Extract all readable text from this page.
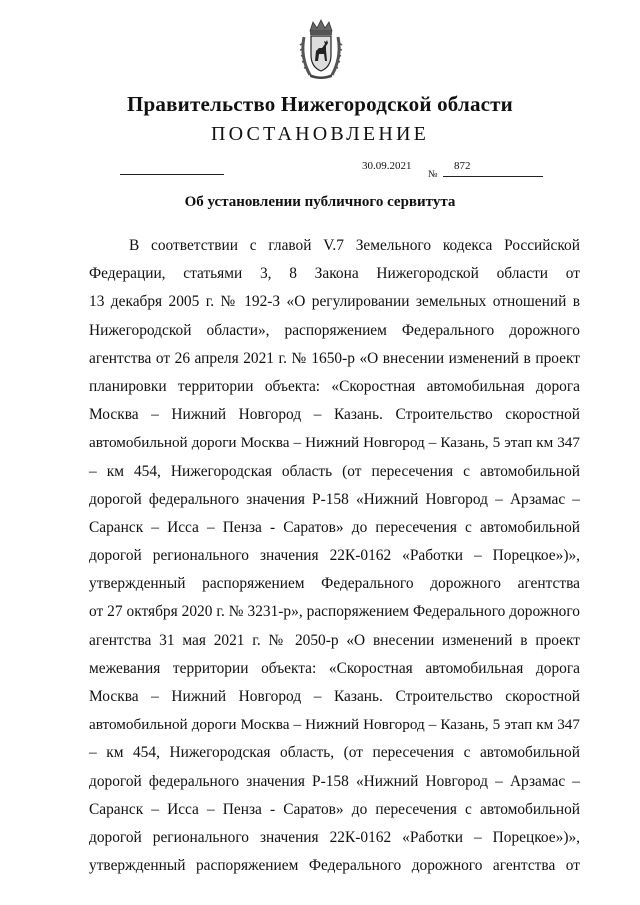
Правительство Нижегородской области
ПОСТАНОВЛЕНИЕ
30.09.2021
№
872
Об установлении публичного сервитута
В соответствии с главой V.7 Земельного кодекса Российской
Федерации, статьями 3, 8 Закона Нижегородской области от
13 декабря 2005 г. № 192-З «О регулировании земельных отношений в
Нижегородской области», распоряжением Федерального дорожного
агентства от 26 апреля 2021 г. № 1650-р «О внесении изменений в проект
планировки территории объекта: «Скоростная автомобильная дорога
Москва – Нижний Новгород – Казань. Строительство скоростной
автомобильной дороги Москва – Нижний Новгород – Казань, 5 этап км 347
– км 454, Нижегородская область (от пересечения с автомобильной
дорогой федерального значения Р-158 «Нижний Новгород – Арзамас –
Саранск – Исса – Пенза - Саратов» до пересечения с автомобильной
дорогой регионального значения 22К-0162 «Работки – Порецкое»)»,
утвержденный распоряжением Федерального дорожного агентства
от 27 октября 2020 г. № 3231-р», распоряжением Федерального дорожного
агентства 31 мая 2021 г. № 2050-р «О внесении изменений в проект
межевания территории объекта: «Скоростная автомобильная дорога
Москва – Нижний Новгород – Казань. Строительство скоростной
автомобильной дороги Москва – Нижний Новгород – Казань, 5 этап км 347
– км 454, Нижегородская область, (от пересечения с автомобильной
дорогой федерального значения Р-158 «Нижний Новгород – Арзамас –
Саранск – Исса – Пенза - Саратов» до пересечения с автомобильной
дорогой регионального значения 22К-0162 «Работки – Порецкое»)»,
утвержденный распоряжением Федерального дорожного агентства от
